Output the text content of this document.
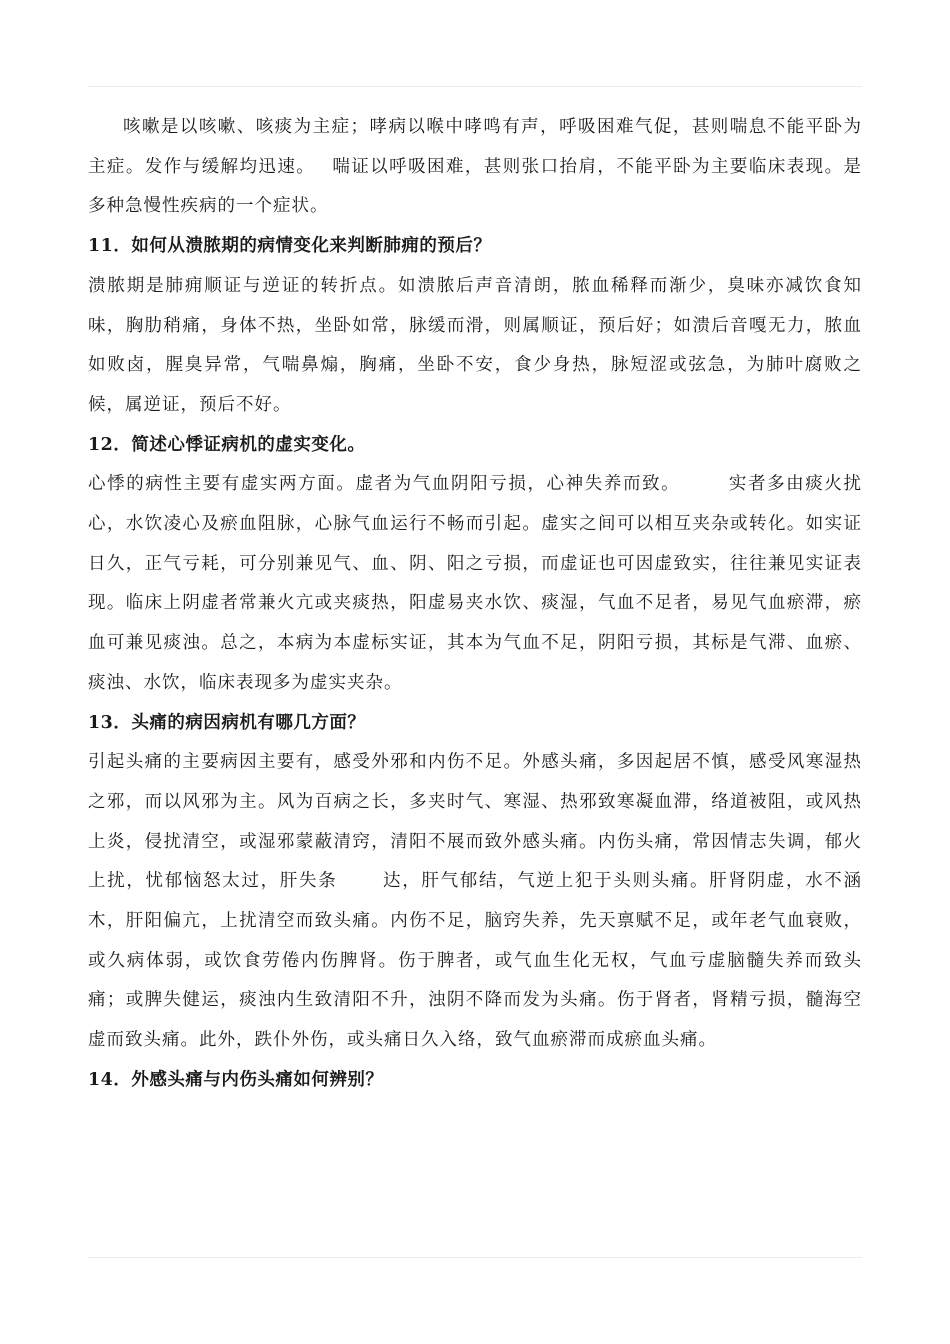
咳嗽是以咳嗽、咳痰为主症；哮病以喉中哮鸣有声，呼吸困难气促，甚则喘息不能平卧为主症。发作与缓解均迅速。　 喘证以呼吸困难，甚则张口抬肩，不能平卧为主要临床表现。是多种急慢性疾病的一个症状。

11．如何从溃脓期的病情变化来判断肺痈的预后？

溃脓期是肺痈顺证与逆证的转折点。如溃脓后声音清朗，脓血稀释而渐少，臭味亦减饮食知味，胸肋稍痛，身体不热，坐卧如常，脉缓而滑，则属顺证，预后好；如溃后音嘎无力，脓血如败卤，腥臭异常，气喘鼻煽，胸痛，坐卧不安，食少身热，脉短涩或弦急，为肺叶腐败之候，属逆证，预后不好。

12．简述心悸证病机的虚实变化。

心悸的病性主要有虚实两方面。虚者为气血阴阳亏损，心神失养而致。　　　实者多由痰火扰心，水饮凌心及瘀血阻脉，心脉气血运行不畅而引起。虚实之间可以相互夹杂或转化。如实证日久，正气亏耗，可分别兼见气、血、阴、阳之亏损，而虚证也可因虚致实，往往兼见实证表现。临床上阴虚者常兼火亢或夹痰热，阳虚易夹水饮、痰湿，气血不足者，易见气血瘀滞，瘀血可兼见痰浊。总之，本病为本虚标实证，其本为气血不足，阴阳亏损，其标是气滞、血瘀、痰浊、水饮，临床表现多为虚实夹杂。

13．头痛的病因病机有哪几方面？

引起头痛的主要病因主要有，感受外邪和内伤不足。外感头痛，多因起居不慎，感受风寒湿热之邪，而以风邪为主。风为百病之长，多夹时气、寒湿、热邪致寒凝血滞，络道被阻，或风热上炎，侵扰清空，或湿邪蒙蔽清窍，清阳不展而致外感头痛。内伤头痛，常因情志失调，郁火上扰，忧郁恼怒太过，肝失条　　 达，肝气郁结，气逆上犯于头则头痛。肝肾阴虚，水不涵木，肝阳偏亢，上扰清空而致头痛。内伤不足，脑窍失养，先天禀赋不足，或年老气血衰败，或久病体弱，或饮食劳倦内伤脾肾。伤于脾者，或气血生化无权，气血亏虚脑髓失养而致头痛；或脾失健运，痰浊内生致清阳不升，浊阴不降而发为头痛。伤于肾者，肾精亏损，髓海空虚而致头痛。此外，跌仆外伤，或头痛日久入络，致气血瘀滞而成瘀血头痛。

14．外感头痛与内伤头痛如何辨别？
